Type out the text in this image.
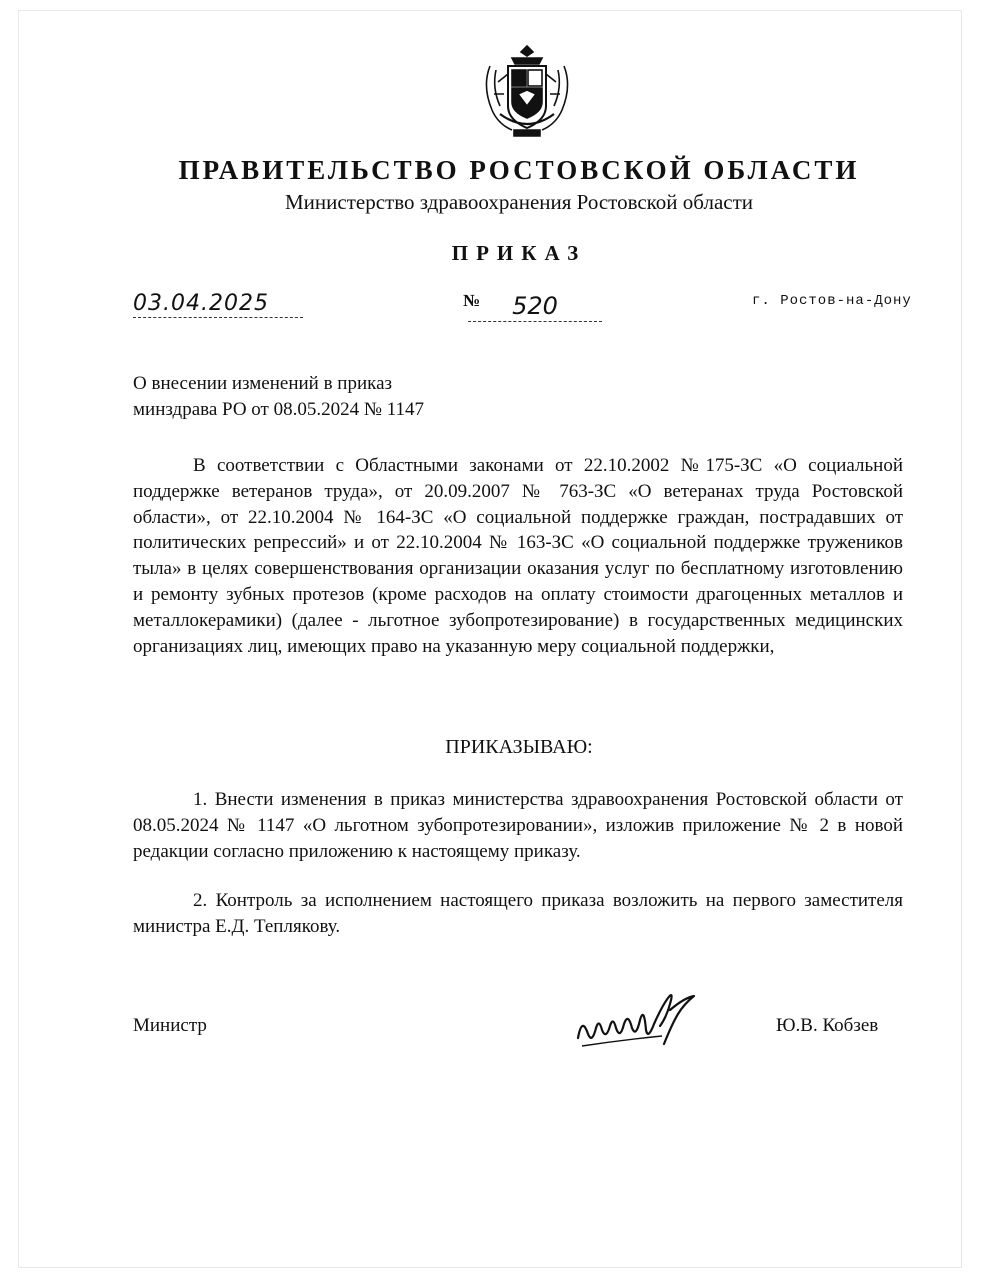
ПРАВИТЕЛЬСТВО РОСТОВСКОЙ ОБЛАСТИ
Министерство здравоохранения Ростовской области
ПРИКАЗ
03.04.2025	№	520	г. Ростов-на-Дону
О внесении изменений в приказ
минздрава РО от 08.05.2024 № 1147
В соответствии с Областными законами от 22.10.2002 №175-ЗС «О социальной поддержке ветеранов труда», от 20.09.2007 № 763-ЗС «О ветеранах труда Ростовской области», от 22.10.2004 № 164-ЗС «О социальной поддержке граждан, пострадавших от политических репрессий» и от 22.10.2004 № 163-ЗС «О социальной поддержке тружеников тыла» в целях совершенствования организации оказания услуг по бесплатному изготовлению и ремонту зубных протезов (кроме расходов на оплату стоимости драгоценных металлов и металлокерамики) (далее - льготное зубопротезирование) в государственных медицинских организациях лиц, имеющих право на указанную меру социальной поддержки,
ПРИКАЗЫВАЮ:
1. Внести изменения в приказ министерства здравоохранения Ростовской области от 08.05.2024 № 1147 «О льготном зубопротезировании», изложив приложение № 2 в новой редакции согласно приложению к настоящему приказу.
2. Контроль за исполнением настоящего приказа возложить на первого заместителя министра Е.Д. Теплякову.
Министр	Ю.В. Кобзев
